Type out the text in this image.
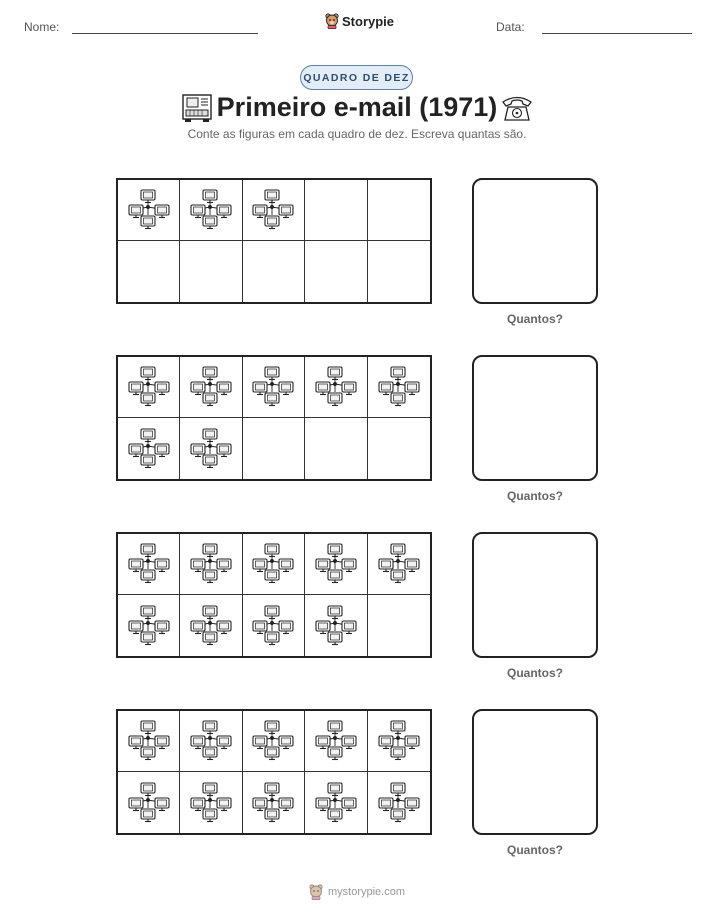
Nome:	Storypie	Data:
QUADRO DE DEZ
Primeiro e-mail (1971)
Conte as figuras em cada quadro de dez. Escreva quantas são.
Quantos?
Quantos?
Quantos?
Quantos?
mystorypie.com
